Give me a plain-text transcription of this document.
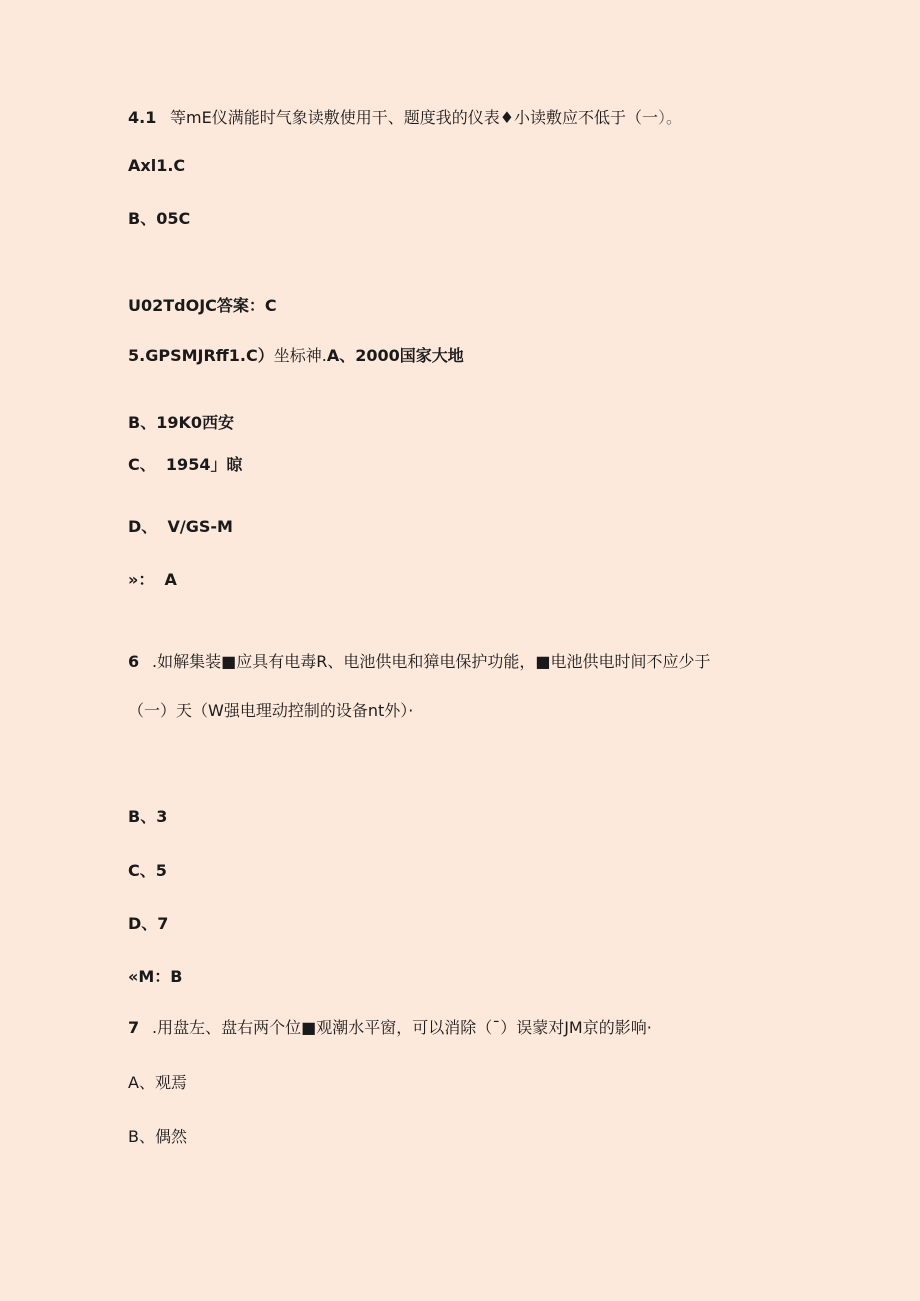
4.1 等mE仪满能时气象读敷使用干、题度我的仪表♦小读敷应不低于（一）。
Axl1.C
B、05C
U02TdOJC答案：C
5.GPSMJRff1.C）坐标神.A、2000国家大地
B、19K0西安
C、 1954」晾
D、 V/GS-M
»： A
6 .如解集装■应具有电毒R、电池供电和獐电保护功能，■电池供电时间不应少于
（一）天（W强电理动控制的设备nt外）·
B、3
C、5
D、7
«M：B
7 .用盘左、盘右两个位■观潮水平窗，可以消除（¯）误蒙对JM京的影响·
A、观焉
B、偶然
